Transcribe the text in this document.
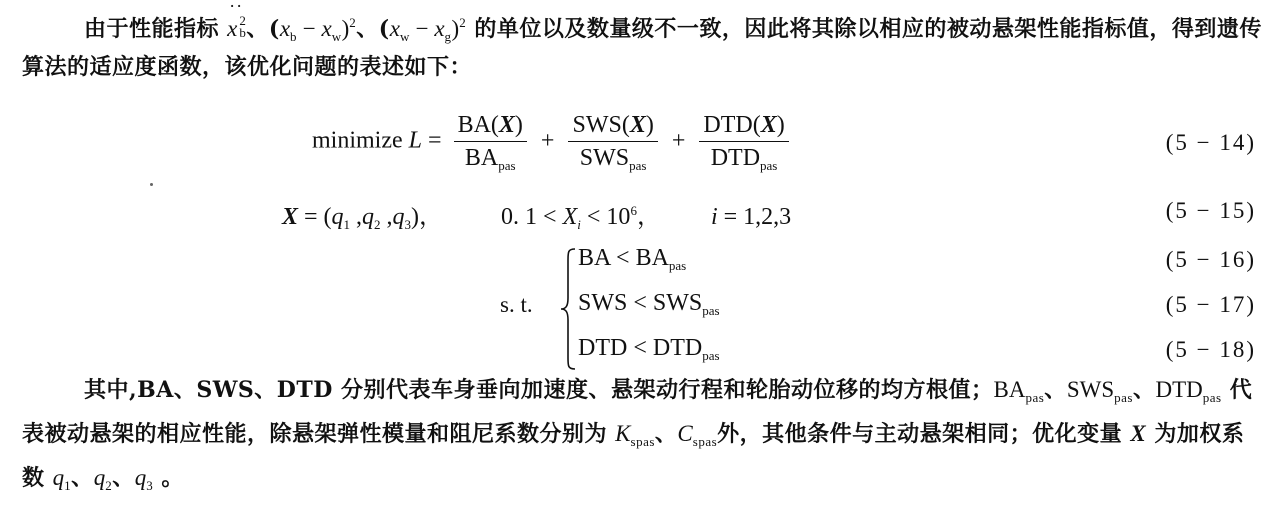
由于性能指标
··
x 2
b 、$(x_b - x_w)^2$、$(x_w - x_g)^2$ 的单位以及数量级不一致，因此将其除以相应的被动悬架性能指标值，得到遗传算法的适应度函数，该优化问题的表述如下：
minimize $L = \frac{BA(X)}{BA_{pas}} + \frac{\text{SWS(X)}}{SWS_{pas}} + \frac{\text{DTD(X)}}{DTD_{pas}}$	(5 − 14)
$X = (q_1$ $,q_2$ $,q_3$)， 0. $1 < X_i < 10^6$， i = 1,2,3	(5 − 15)
s. t.
BA < $BA_{pas}$	(5 − 16)
SWS < $SWS_{pas}$	(5 − 17)
DTD < $DTD_{pas}$	(5 − 18)
其中,BA、SWS、DTD 分别代表车身垂向加速度、悬架动行程和轮胎动位移的均方根值；$BA_{pas}$、$SWS_{pas}$、$DTD_{pas}$ 代表被动悬架的相应性能，除悬架弹性模量和阻尼系数分别为 $K_{spas}$、$C_{spas}$外，其他条件与主动悬架相同；优化变量 X 为加权系数 $q_1$、$q_2$、$q_3$ 。
